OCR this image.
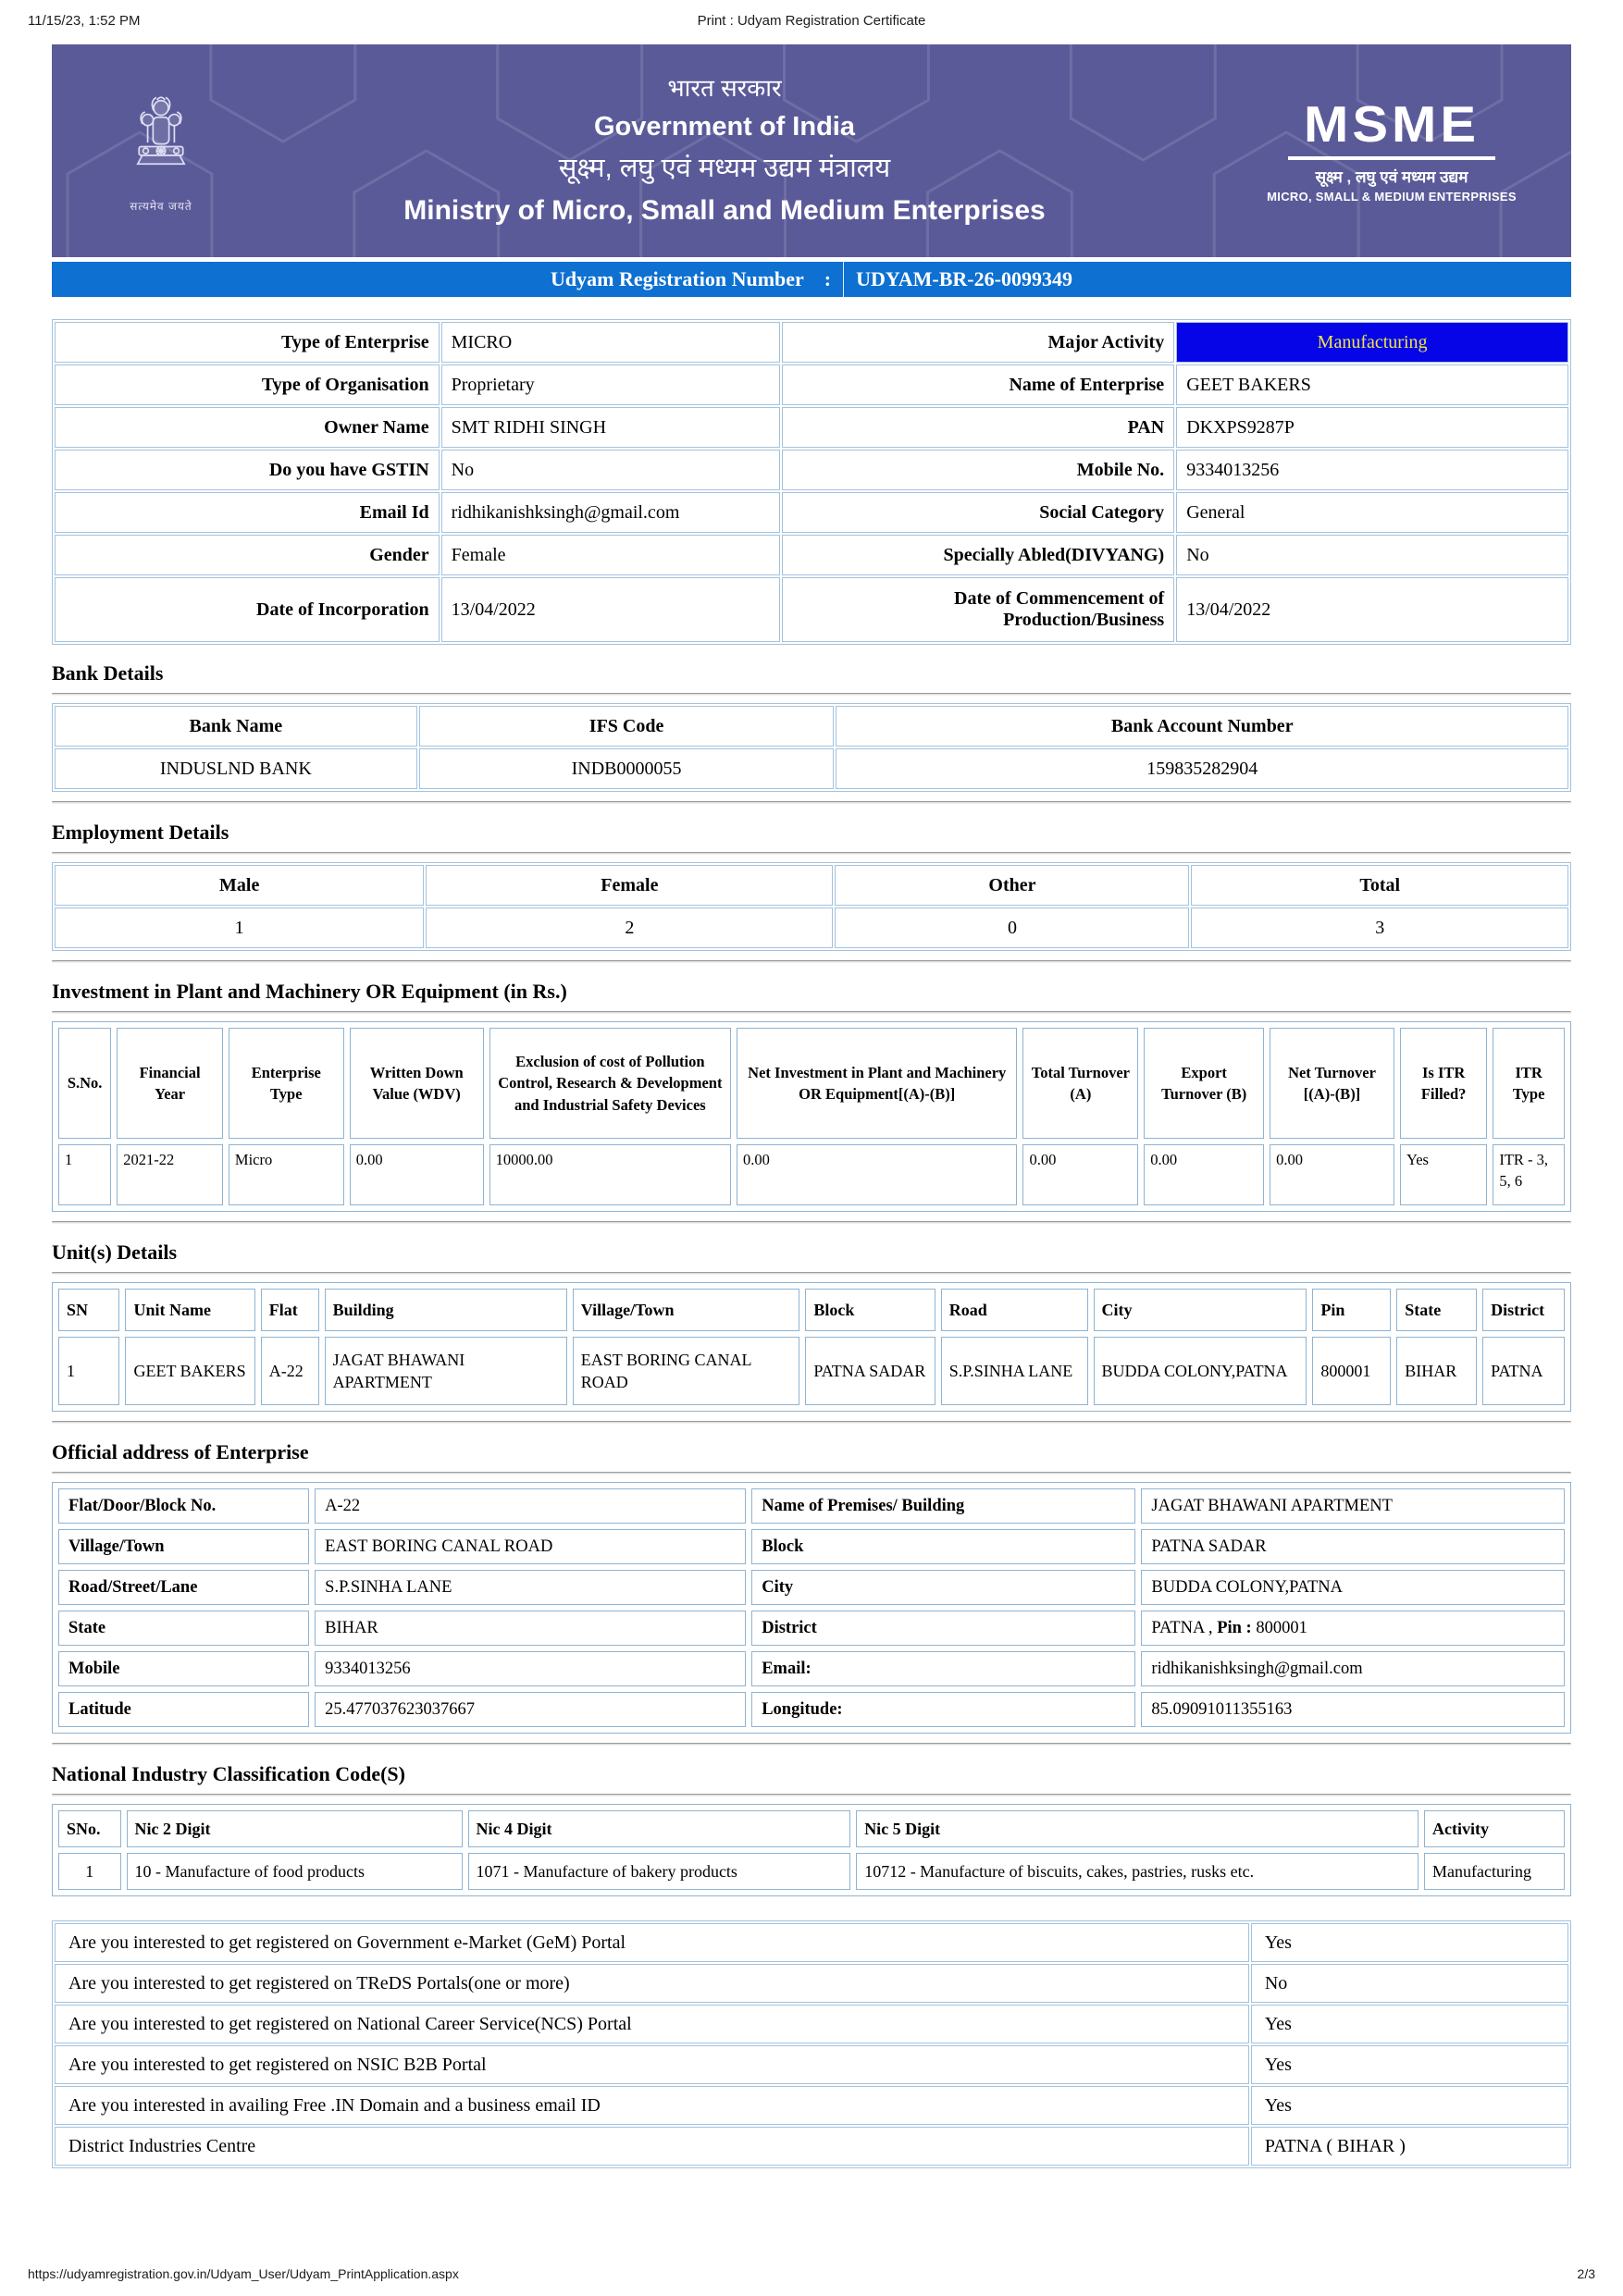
11/15/23, 1:52 PM	Print : Udyam Registration Certificate
सत्यमेव जयते
भारत सरकार
Government of India
सूक्ष्म, लघु एवं मध्यम उद्यम मंत्रालय
Ministry of Micro, Small and Medium Enterprises
MSME
सूक्ष्म , लघु एवं मध्यम उद्यम
MICRO, SMALL & MEDIUM ENTERPRISES
Udyam Registration Number	:	UDYAM-BR-26-0099349
Type of Enterprise	MICRO	Major Activity	Manufacturing
Type of Organisation	Proprietary	Name of Enterprise	GEET BAKERS
Owner Name	SMT RIDHI SINGH	PAN	DKXPS9287P
Do you have GSTIN	No	Mobile No.	9334013256
Email Id	ridhikanishksingh@gmail.com	Social Category	General
Gender	Female	Specially Abled(DIVYANG)	No
Date of Incorporation	13/04/2022	Date of Commencement of Production/Business	13/04/2022
Bank Details
Bank Name	IFS Code	Bank Account Number
INDUSLND BANK	INDB0000055	159835282904
Employment Details
Male	Female	Other	Total
1	2	0	3
Investment in Plant and Machinery OR Equipment (in Rs.)
S.No.	Financial Year	Enterprise Type	Written Down Value (WDV)	Exclusion of cost of Pollution Control, Research & Development and Industrial Safety Devices	Net Investment in Plant and Machinery OR Equipment[(A)-(B)]	Total Turnover (A)	Export Turnover (B)	Net Turnover [(A)-(B)]	Is ITR Filled?	ITR Type
1	2021-22	Micro	0.00	10000.00	0.00	0.00	0.00	0.00	Yes	ITR - 3, 5, 6
Unit(s) Details
SN	Unit Name	Flat	Building	Village/Town	Block	Road	City	Pin	State	District
1	GEET BAKERS	A-22	JAGAT BHAWANI APARTMENT	EAST BORING CANAL ROAD	PATNA SADAR	S.P.SINHA LANE	BUDDA COLONY,PATNA	800001	BIHAR	PATNA
Official address of Enterprise
Flat/Door/Block No.	A-22	Name of Premises/ Building	JAGAT BHAWANI APARTMENT
Village/Town	EAST BORING CANAL ROAD	Block	PATNA SADAR
Road/Street/Lane	S.P.SINHA LANE	City	BUDDA COLONY,PATNA
State	BIHAR	District	PATNA , Pin : 800001
Mobile	9334013256	Email:	ridhikanishksingh@gmail.com
Latitude	25.477037623037667	Longitude:	85.09091011355163
National Industry Classification Code(S)
SNo.	Nic 2 Digit	Nic 4 Digit	Nic 5 Digit	Activity
1	10 - Manufacture of food products	1071 - Manufacture of bakery products	10712 - Manufacture of biscuits, cakes, pastries, rusks etc.	Manufacturing
Are you interested to get registered on Government e-Market (GeM) Portal	Yes
Are you interested to get registered on TReDS Portals(one or more)	No
Are you interested to get registered on National Career Service(NCS) Portal	Yes
Are you interested to get registered on NSIC B2B Portal	Yes
Are you interested in availing Free .IN Domain and a business email ID	Yes
District Industries Centre	PATNA ( BIHAR )
https://udyamregistration.gov.in/Udyam_User/Udyam_PrintApplication.aspx	2/3
